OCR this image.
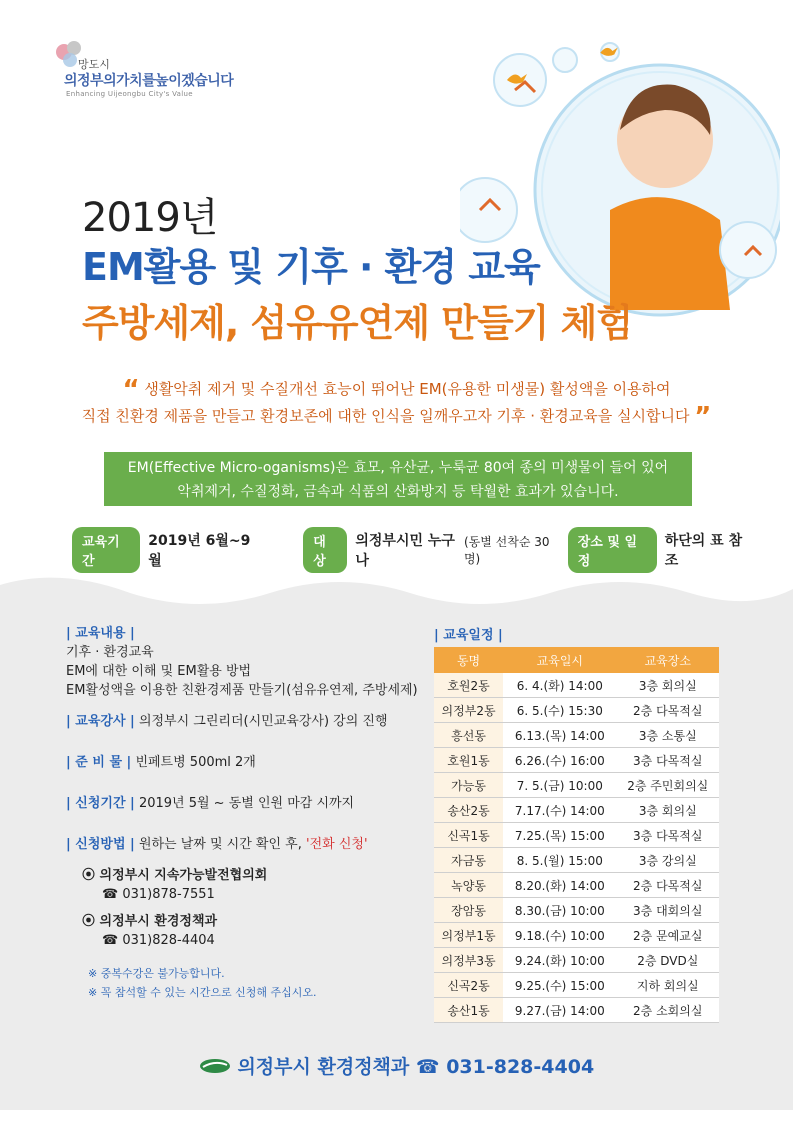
망도시
의정부의가치를높이겠습니다
Enhancing Uijeongbu City's Value
2019년
EM활용 및 기후 · 환경 교육
주방세제, 섬유유연제 만들기 체험
“ 생활악취 제거 및 수질개선 효능이 뛰어난 EM(유용한 미생물) 활성액을 이용하여
직접 친환경 제품을 만들고 환경보존에 대한 인식을 일깨우고자 기후 · 환경교육을 실시합니다 ”
EM(Effective Micro-oganisms)은 효모, 유산균, 누룩균 80여 종의 미생물이 들어 있어
악취제거, 수질정화, 금속과 식품의 산화방지 등 탁월한 효과가 있습니다.
교육기간
2019년 6월~9월
대상
의정부시민 누구나
(동별 선착순 30명)
장소 및 일정
하단의 표 참조
| 교육내용 |
기후 · 환경교육
EM에 대한 이해 및 EM활용 방법
EM활성액을 이용한 친환경제품 만들기(섬유유연제, 주방세제)
| 교육강사 | 의정부시 그린리더(시민교육강사) 강의 진행
| 준 비 물 | 빈페트병 500ml 2개
| 신청기간 | 2019년 5월 ~ 동별 인원 마감 시까지
| 신청방법 | 원하는 날짜 및 시간 확인 후, '전화 신청'
⦿ 의정부시 지속가능발전협의회
☎ 031)878-7551
⦿ 의정부시 환경정책과
☎ 031)828-4404
※ 중복수강은 불가능합니다.
※ 꼭 참석할 수 있는 시간으로 신청해 주십시오.
| 교육일정 |
동명	교육일시	교육장소
호원2동	6. 4.(화) 14:00	3층 회의실
의정부2동	6. 5.(수) 15:30	2층 다목적실
흥선동	6.13.(목) 14:00	3층 소통실
호원1동	6.26.(수) 16:00	3층 다목적실
가능동	7. 5.(금) 10:00	2층 주민회의실
송산2동	7.17.(수) 14:00	3층 회의실
신곡1동	7.25.(목) 15:00	3층 다목적실
자금동	8. 5.(월) 15:00	3층 강의실
녹양동	8.20.(화) 14:00	2층 다목적실
장암동	8.30.(금) 10:00	3층 대회의실
의정부1동	9.18.(수) 10:00	2층 문예교실
의정부3동	9.24.(화) 10:00	2층 DVD실
신곡2동	9.25.(수) 15:00	지하 회의실
송산1동	9.27.(금) 14:00	2층 소회의실
의정부시 환경정책과 ☎ 031-828-4404
